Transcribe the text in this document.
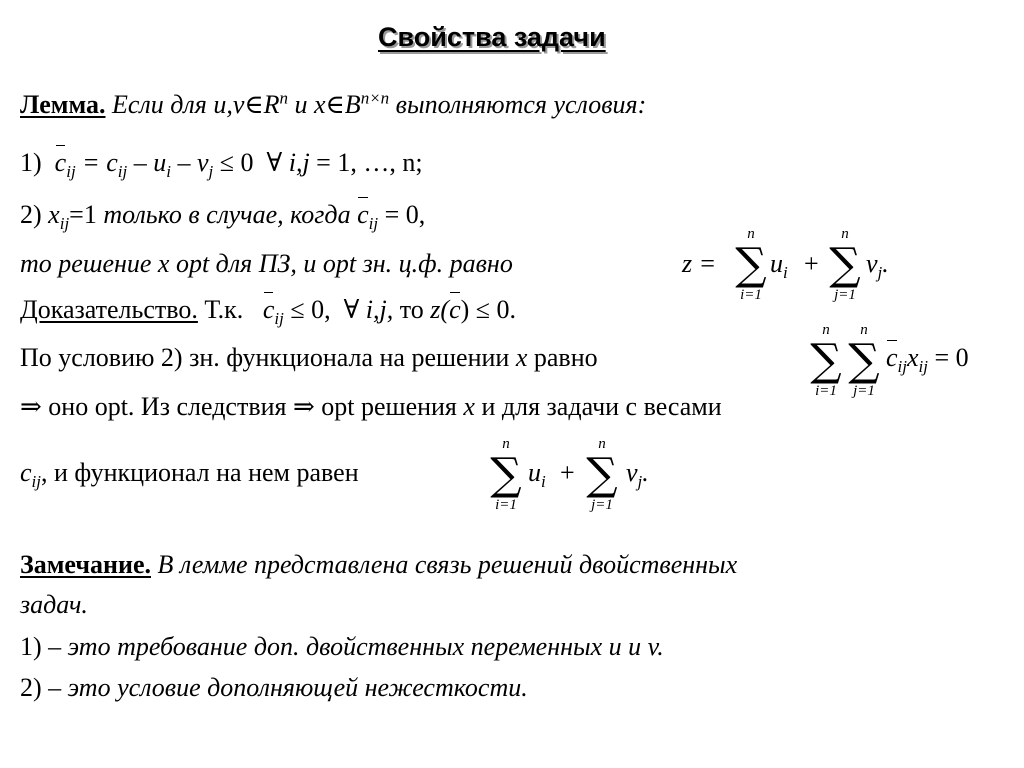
Свойства задачи
Лемма. Если для $u,v\in R^n$ и $x\in B^{n\times n}$ выполняются условия:
1) $c_{ij} = c_{ij} - u_i - v_j \le 0$ ∀ i,j = 1, …, n;
2) $x_{ij}=1$ только в случае, когда $c_{ij} = 0$,
то решение x opt для ПЗ, и opt зн. ц.ф. равно	z =
n
∑
i=1
$u_i$ +
n
∑
j=1
$v_j$.
Доказательство. Т.к.   $c_{ij} \le 0$, ∀ i,j, то z(c) ≤ 0.
По условию 2) зн. функционала на решении x равно
n
∑
i=1
n
∑
j=1
$c_{ij}x_{ij} = 0$
⇒ оно opt. Из следствия ⇒ opt решения x и для задачи с весами
$c_{ij}$, и функционал на нем равен
n
∑
i=1
$u_i$ +
n
∑
j=1
$v_j$.
Замечание. В лемме представлена связь решений двойственных
задач.
1) – это требование доп. двойственных переменных u и v.
2) – это условие дополняющей нежесткости.
